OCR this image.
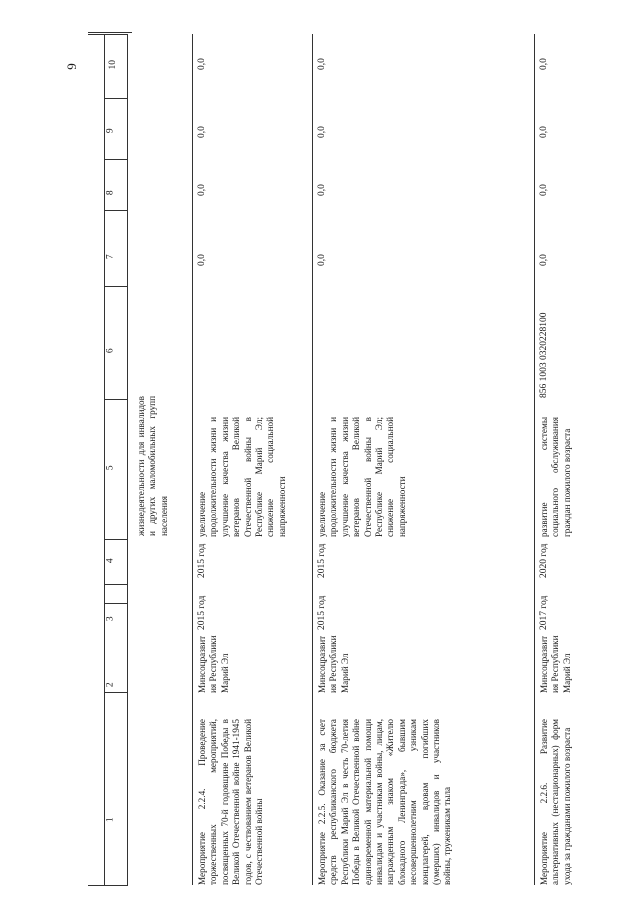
9
1
2
3
4
5
6
7
8
9
10
жизнедеятельности для инвалидов и других маломобильных групп населения
Мероприятие 2.2.4. Проведение торжественных мероприятий, посвященных 70-й годовщине Победы в Великой Отечественной войне 1941-1945 годов, с чествованием ветеранов Великой Отечественной войны
Минсоцразвития Республики Марий Эл
2015 год
2015 год
увеличение продолжительности жизни и улучшение качества жизни ветеранов Великой Отечественной войны в Республике Марий Эл; снижение социальной напряженности
0,0
0,0
0,0
0,0
Мероприятие 2.2.5. Оказание за счет средств республиканского бюджета Республики Марий Эл в честь 70-летия Победы в Великой Отечественной войне единовременной материальной помощи инвалидам и участникам войны, лицам, награжденным знаком «Жителю блокадного Ленинграда», бывшим несовершеннолетним узникам концлагерей, вдовам погибших (умерших) инвалидов и участников войны, труженикам тыла
Минсоцразвития Республики Марий Эл
2015 год
2015 год
увеличение продолжительности жизни и улучшение качества жизни ветеранов Великой Отечественной войны в Республике Марий Эл; снижение социальной напряженности
0,0
0,0
0,0
0,0
Мероприятие 2.2.6. Развитие альтернативных (нестационарных) форм ухода за гражданами пожилого возраста
Минсоцразвития Республики Марий Эл
2017 год
2020 год
развитие системы социального обслуживания граждан пожилого возраста
856 1003 0320228100
0,0
0,0
0,0
0,0
